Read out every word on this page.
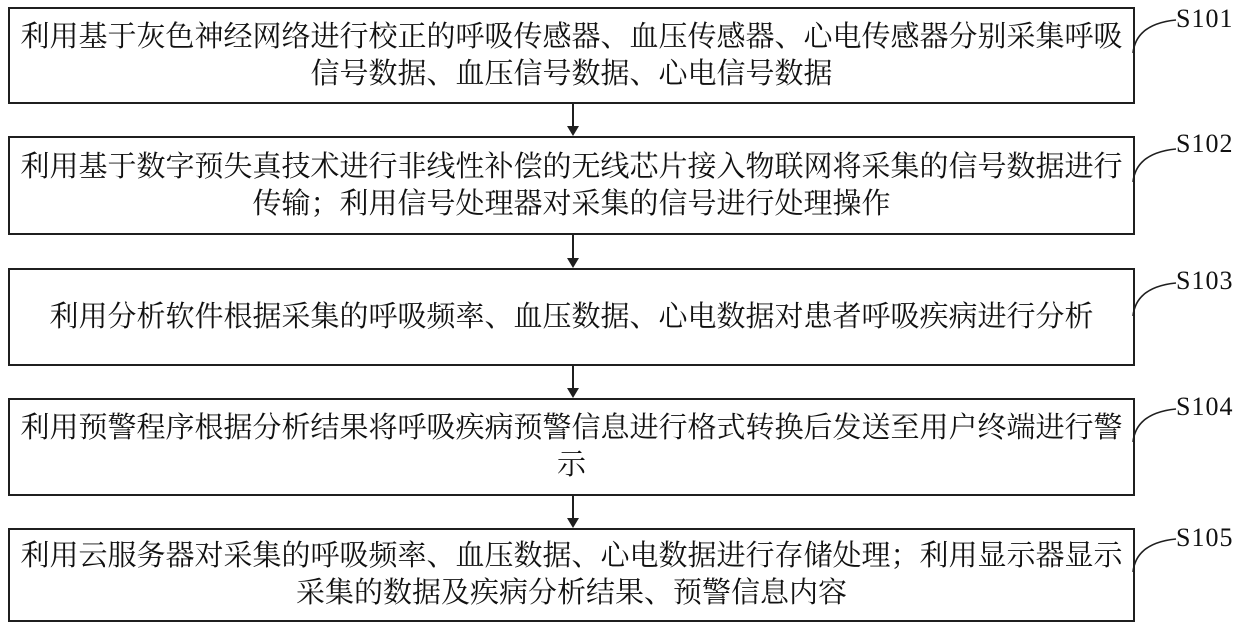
利用基于灰色神经网络进行校正的呼吸传感器、血压传感器、心电传感器分别采集呼吸
信号数据、血压信号数据、心电信号数据
利用基于数字预失真技术进行非线性补偿的无线芯片接入物联网将采集的信号数据进行
传输；利用信号处理器对采集的信号进行处理操作
利用分析软件根据采集的呼吸频率、血压数据、心电数据对患者呼吸疾病进行分析
利用预警程序根据分析结果将呼吸疾病预警信息进行格式转换后发送至用户终端进行警
示
利用云服务器对采集的呼吸频率、血压数据、心电数据进行存储处理；利用显示器显示
采集的数据及疾病分析结果、预警信息内容
S101
S102
S103
S104
S105
